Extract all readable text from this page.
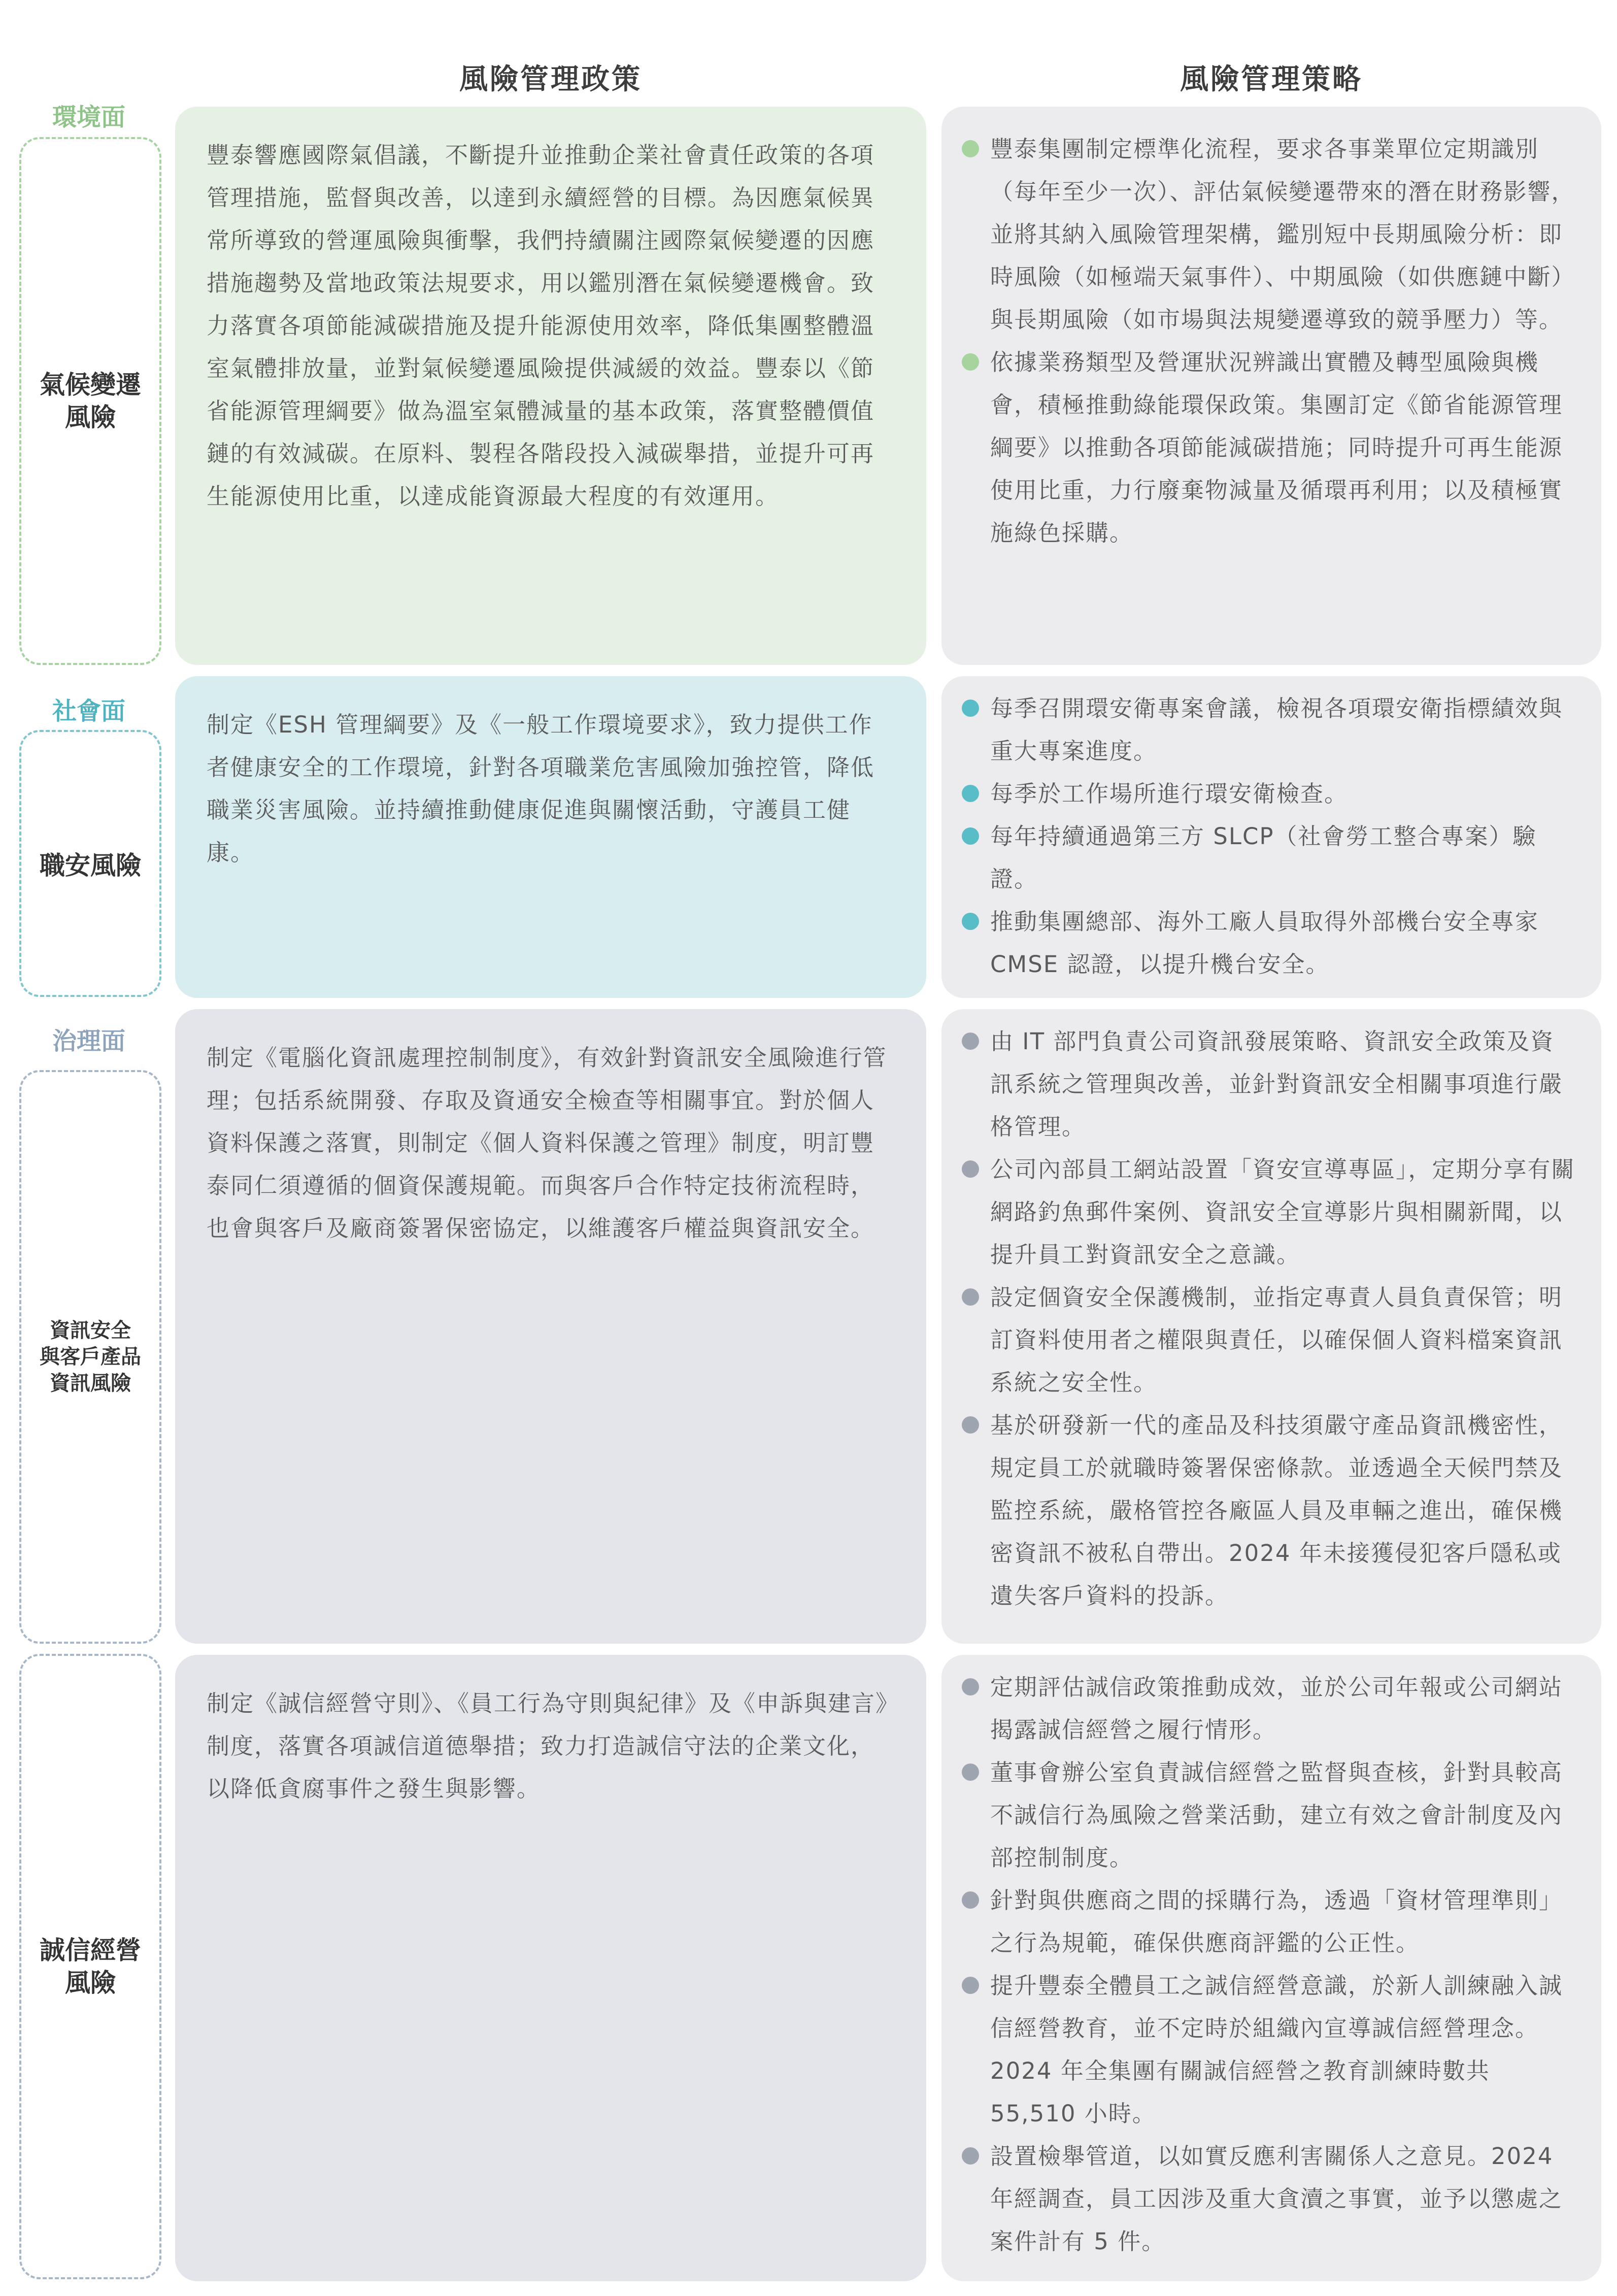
風險管理政策	風險管理策略
環境面
社會面
治理面
氣候變遷
風險
職安風險
資訊安全
與客戶產品
資訊風險
誠信經營
風險
豐泰響應國際氣倡議，不斷提升並推動企業社會責任政策的各項管理措施，監督與改善，以達到永續經營的目標。為因應氣候異常所導致的營運風險與衝擊，我們持續關注國際氣候變遷的因應措施趨勢及當地政策法規要求，用以鑑別潛在氣候變遷機會。致力落實各項節能減碳措施及提升能源使用效率，降低集團整體溫室氣體排放量，並對氣候變遷風險提供減緩的效益。豐泰以《節省能源管理綱要》做為溫室氣體減量的基本政策，落實整體價值鏈的有效減碳。在原料、製程各階段投入減碳舉措，並提升可再生能源使用比重，以達成能資源最大程度的有效運用。
豐泰集團制定標準化流程，要求各事業單位定期識別（每年至少一次）、評估氣候變遷帶來的潛在財務影響，並將其納入風險管理架構，鑑別短中長期風險分析：即時風險（如極端天氣事件）、中期風險（如供應鏈中斷）與長期風險（如市場與法規變遷導致的競爭壓力）等。
依據業務類型及營運狀況辨識出實體及轉型風險與機會，積極推動綠能環保政策。集團訂定《節省能源管理綱要》以推動各項節能減碳措施；同時提升可再生能源使用比重，力行廢棄物減量及循環再利用；以及積極實施綠色採購。
制定《ESH 管理綱要》及《一般工作環境要求》，致力提供工作者健康安全的工作環境，針對各項職業危害風險加強控管，降低職業災害風險。並持續推動健康促進與關懷活動，守護員工健康。
每季召開環安衛專案會議，檢視各項環安衛指標績效與重大專案進度。
每季於工作場所進行環安衛檢查。
每年持續通過第三方 SLCP（社會勞工整合專案）驗證。
推動集團總部、海外工廠人員取得外部機台安全專家 CMSE 認證，以提升機台安全。
制定《電腦化資訊處理控制制度》，有效針對資訊安全風險進行管理；包括系統開發、存取及資通安全檢查等相關事宜。對於個人資料保護之落實，則制定《個人資料保護之管理》制度，明訂豐泰同仁須遵循的個資保護規範。而與客戶合作特定技術流程時，也會與客戶及廠商簽署保密協定，以維護客戶權益與資訊安全。
由 IT 部門負責公司資訊發展策略、資訊安全政策及資訊系統之管理與改善，並針對資訊安全相關事項進行嚴格管理。
公司內部員工網站設置「資安宣導專區」，定期分享有關網路釣魚郵件案例、資訊安全宣導影片與相關新聞，以提升員工對資訊安全之意識。
設定個資安全保護機制，並指定專責人員負責保管；明訂資料使用者之權限與責任，以確保個人資料檔案資訊系統之安全性。
基於研發新一代的產品及科技須嚴守產品資訊機密性，規定員工於就職時簽署保密條款。並透過全天候門禁及監控系統，嚴格管控各廠區人員及車輛之進出，確保機密資訊不被私自帶出。2024 年未接獲侵犯客戶隱私或遺失客戶資料的投訴。
制定《誠信經營守則》、《員工行為守則與紀律》及《申訴與建言》制度，落實各項誠信道德舉措；致力打造誠信守法的企業文化，以降低貪腐事件之發生與影響。
定期評估誠信政策推動成效，並於公司年報或公司網站揭露誠信經營之履行情形。
董事會辦公室負責誠信經營之監督與查核，針對具較高不誠信行為風險之營業活動，建立有效之會計制度及內部控制制度。
針對與供應商之間的採購行為，透過「資材管理準則」之行為規範，確保供應商評鑑的公正性。
提升豐泰全體員工之誠信經營意識，於新人訓練融入誠信經營教育，並不定時於組織內宣導誠信經營理念。2024 年全集團有關誠信經營之教育訓練時數共 55,510 小時。
設置檢舉管道，以如實反應利害關係人之意見。2024 年經調查，員工因涉及重大貪瀆之事實，並予以懲處之案件計有 5 件。
